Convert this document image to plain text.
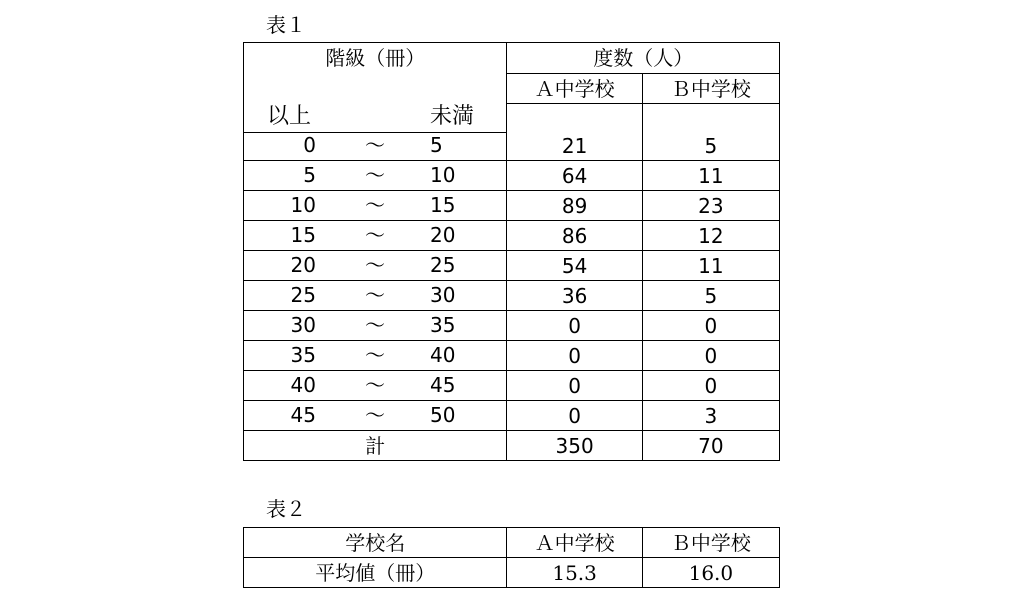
表１
階級（冊）
以上 未満	度数（人）	
	Ａ中学校	Ｂ中学校

0 ～ 5	21	5

5 ～ 10	64	11

10 ～ 15	89	23

15 ～ 20	86	12

20 ～ 25	54	11

25 ～ 30	36	5

30 ～ 35	0	0

35 ～ 40	0	0

40 ～ 45	0	0

45 ～ 50	0	3
計	350	70
表２
学校名	Ａ中学校	Ｂ中学校
平均値（冊）	15.3	16.0
